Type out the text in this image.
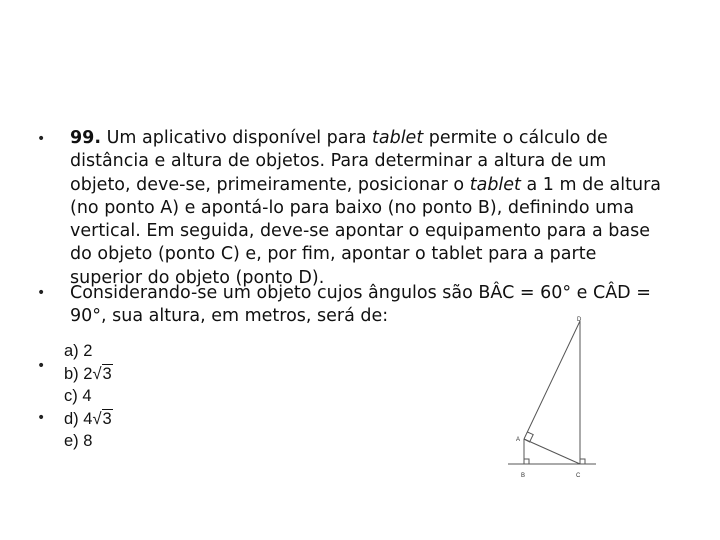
•
•
•
•
99. Um aplicativo disponível para tablet permite o cálculo de
distância e altura de objetos. Para determinar a altura de um
objeto, deve-se, primeiramente, posicionar o tablet a 1 m de altura
(no ponto A) e apontá-lo para baixo (no ponto B), definindo uma
vertical. Em seguida, deve-se apontar o equipamento para a base
do objeto (ponto C) e, por fim, apontar o tablet para a parte
superior do objeto (ponto D).
Considerando-se um objeto cujos ângulos são BÂC = 60° e CÂD =
90°, sua altura, em metros, será de:
a) 2
b) 2√3
c) 4
d) 4√3
e) 8	A
B	C
D
